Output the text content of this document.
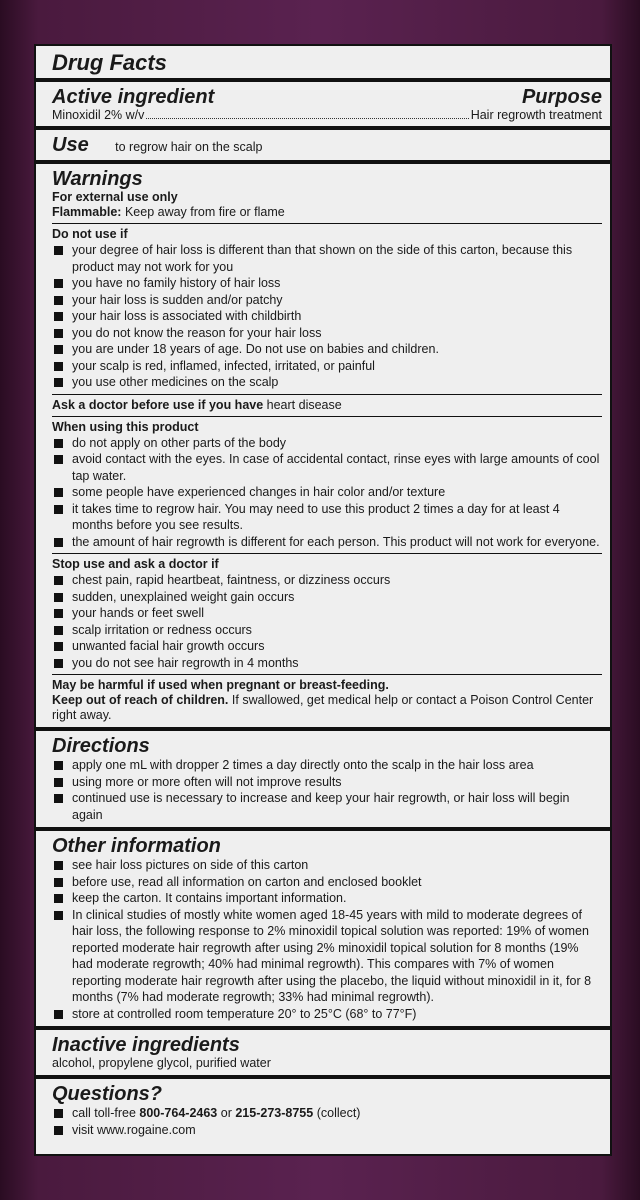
Drug Facts
Active ingredient	Purpose
Minoxidil 2% w/v	Hair regrowth treatment
Use to regrow hair on the scalp
Warnings
For external use only
Flammable: Keep away from fire or flame
Do not use if
your degree of hair loss is different than that shown on the side of this carton, because this product may not work for you
you have no family history of hair loss
your hair loss is sudden and/or patchy
your hair loss is associated with childbirth
you do not know the reason for your hair loss
you are under 18 years of age. Do not use on babies and children.
your scalp is red, inflamed, infected, irritated, or painful
you use other medicines on the scalp
Ask a doctor before use if you have heart disease
When using this product
do not apply on other parts of the body
avoid contact with the eyes. In case of accidental contact, rinse eyes with large amounts of cool tap water.
some people have experienced changes in hair color and/or texture
it takes time to regrow hair. You may need to use this product 2 times a day for at least 4 months before you see results.
the amount of hair regrowth is different for each person. This product will not work for everyone.
Stop use and ask a doctor if
chest pain, rapid heartbeat, faintness, or dizziness occurs
sudden, unexplained weight gain occurs
your hands or feet swell
scalp irritation or redness occurs
unwanted facial hair growth occurs
you do not see hair regrowth in 4 months
May be harmful if used when pregnant or breast-feeding.
Keep out of reach of children. If swallowed, get medical help or contact a Poison Control Center right away.
Directions
apply one mL with dropper 2 times a day directly onto the scalp in the hair loss area
using more or more often will not improve results
continued use is necessary to increase and keep your hair regrowth, or hair loss will begin again
Other information
see hair loss pictures on side of this carton
before use, read all information on carton and enclosed booklet
keep the carton. It contains important information.
In clinical studies of mostly white women aged 18-45 years with mild to moderate degrees of hair loss, the following response to 2% minoxidil topical solution was reported: 19% of women reported moderate hair regrowth after using 2% minoxidil topical solution for 8 months (19% had moderate regrowth; 40% had minimal regrowth). This compares with 7% of women reporting moderate hair regrowth after using the placebo, the liquid without minoxidil in it, for 8 months (7% had moderate regrowth; 33% had minimal regrowth).
store at controlled room temperature 20° to 25°C (68° to 77°F)
Inactive ingredients
alcohol, propylene glycol, purified water
Questions?
call toll-free 800-764-2463 or 215-273-8755 (collect)
visit www.rogaine.com
